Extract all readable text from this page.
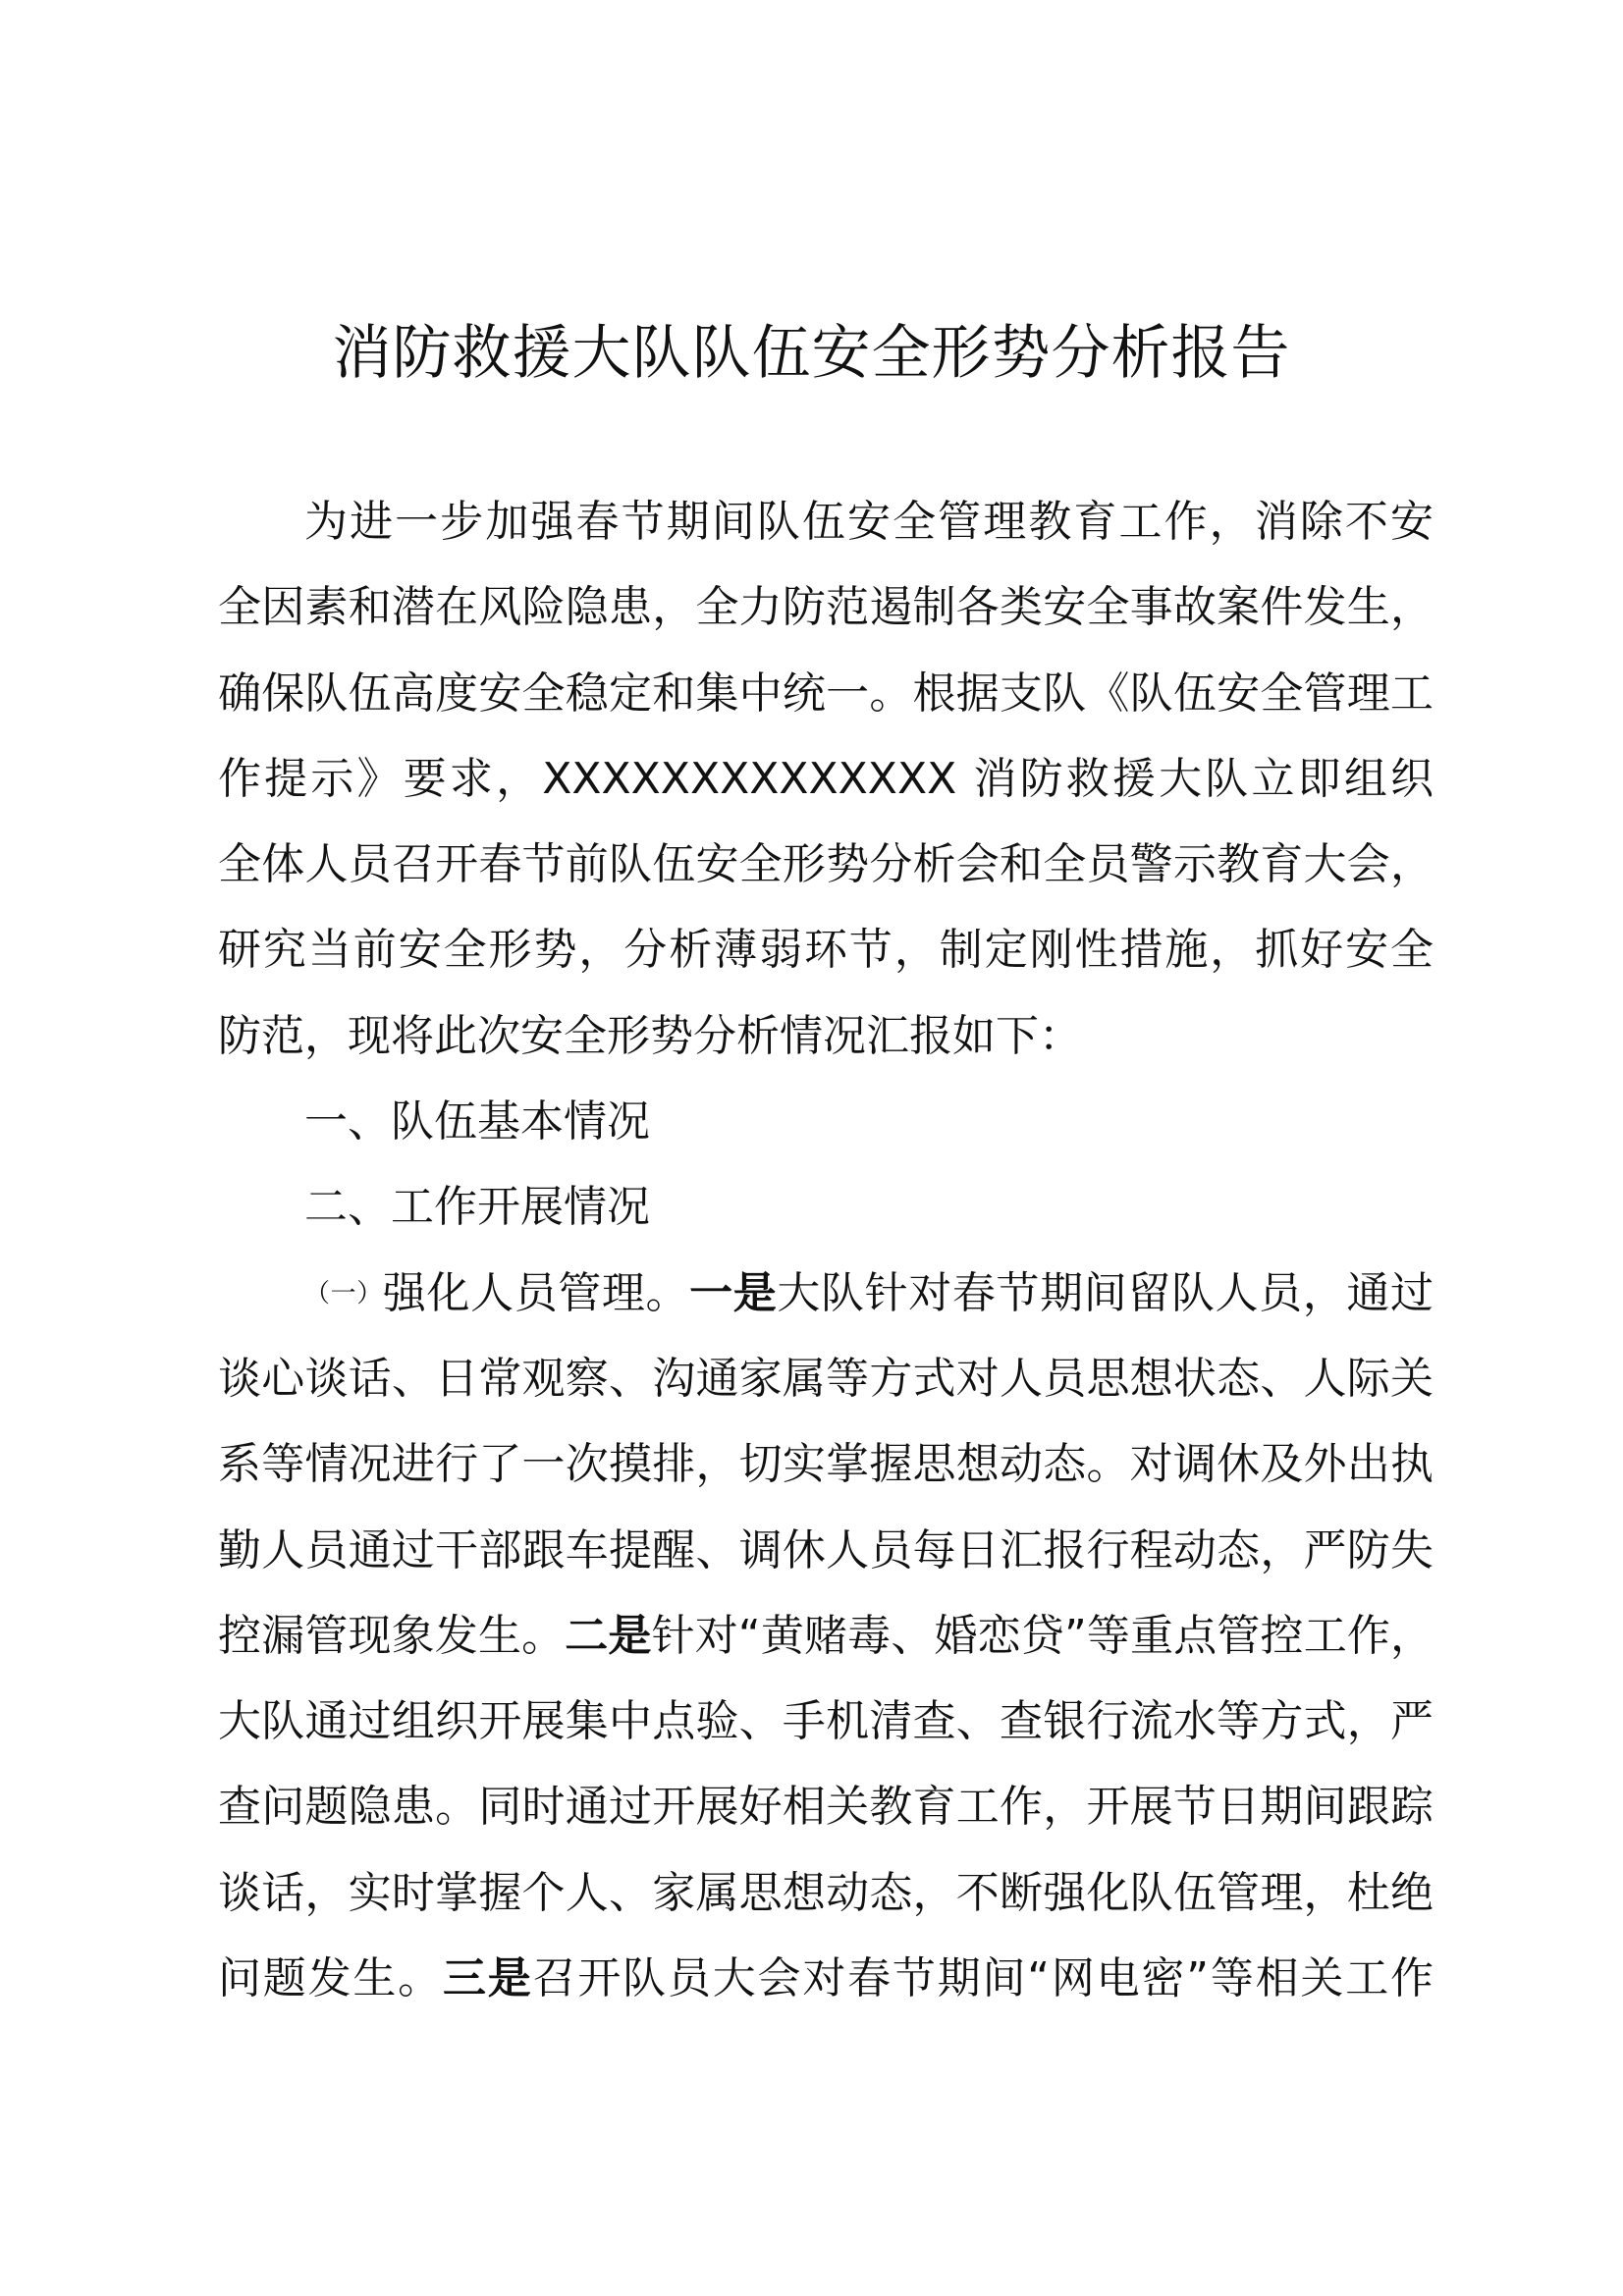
消防救援大队队伍安全形势分析报告
为进一步加强春节期间队伍安全管理教育工作，消除不安
全因素和潜在风险隐患，全力防范遏制各类安全事故案件发生，
确保队伍高度安全稳定和集中统一。根据支队《队伍安全管理工
作提示》要求，XXXXXXXXXXXXXX 消防救援大队立即组织
全体人员召开春节前队伍安全形势分析会和全员警示教育大会，
研究当前安全形势，分析薄弱环节，制定刚性措施，抓好安全
防范，现将此次安全形势分析情况汇报如下：
一、队伍基本情况
二、工作开展情况
（一）强化人员管理。一是大队针对春节期间留队人员，通过
谈心谈话、日常观察、沟通家属等方式对人员思想状态、人际关
系等情况进行了一次摸排，切实掌握思想动态。对调休及外出执
勤人员通过干部跟车提醒、调休人员每日汇报行程动态，严防失
控漏管现象发生。二是针对“黄赌毒、婚恋贷”等重点管控工作，
大队通过组织开展集中点验、手机清查、查银行流水等方式，严
查问题隐患。同时通过开展好相关教育工作，开展节日期间跟踪
谈话，实时掌握个人、家属思想动态，不断强化队伍管理，杜绝
问题发生。三是召开队员大会对春节期间“网电密”等相关工作
